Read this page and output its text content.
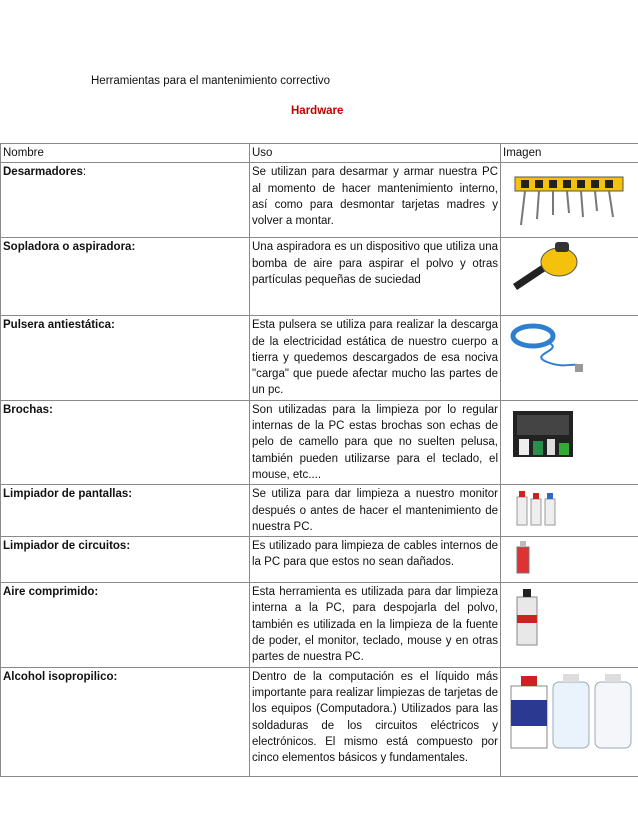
Herramientas para el mantenimiento correctivo
Hardware
Nombre	Uso	Imagen
Desarmadores:	Se utilizan para desarmar y armar nuestra PC al momento de hacer mantenimiento interno, así como para desmontar tarjetas madres y volver a montar.	

Sopladora o aspiradora:	Una aspiradora es un dispositivo que utiliza una bomba de aire para aspirar el polvo y otras partículas pequeñas de suciedad	

Pulsera antiestática:	Esta pulsera se utiliza para realizar la descarga de la electricidad estática de nuestro cuerpo a tierra y quedemos descargados de esa nociva "carga" que puede afectar mucho las partes de un pc.	

Brochas:	Son utilizadas para la limpieza por lo regular internas de la PC estas brochas son echas de pelo de camello para que no suelten pelusa, también pueden utilizarse para el teclado, el mouse, etc....	

Limpiador de pantallas:	Se utiliza para dar limpieza a nuestro monitor después o antes de hacer el mantenimiento de nuestra PC.	

Limpiador de circuitos:	Es utilizado para limpieza de cables internos de la PC para que estos no sean dañados.	

Aire comprimido:	Esta herramienta es utilizada para dar limpieza interna a la PC, para despojarla del polvo, también es utilizada en la limpieza de la fuente de poder, el monitor, teclado, mouse y en otras partes de nuestra PC.	

Alcohol isopropilico:	Dentro de la computación es el líquido más importante para realizar limpiezas de tarjetas de los equipos (Computadora.) Utilizados para las soldaduras de los circuitos eléctricos y electrónicos. El mismo está compuesto por cinco elementos básicos y fundamentales.	
